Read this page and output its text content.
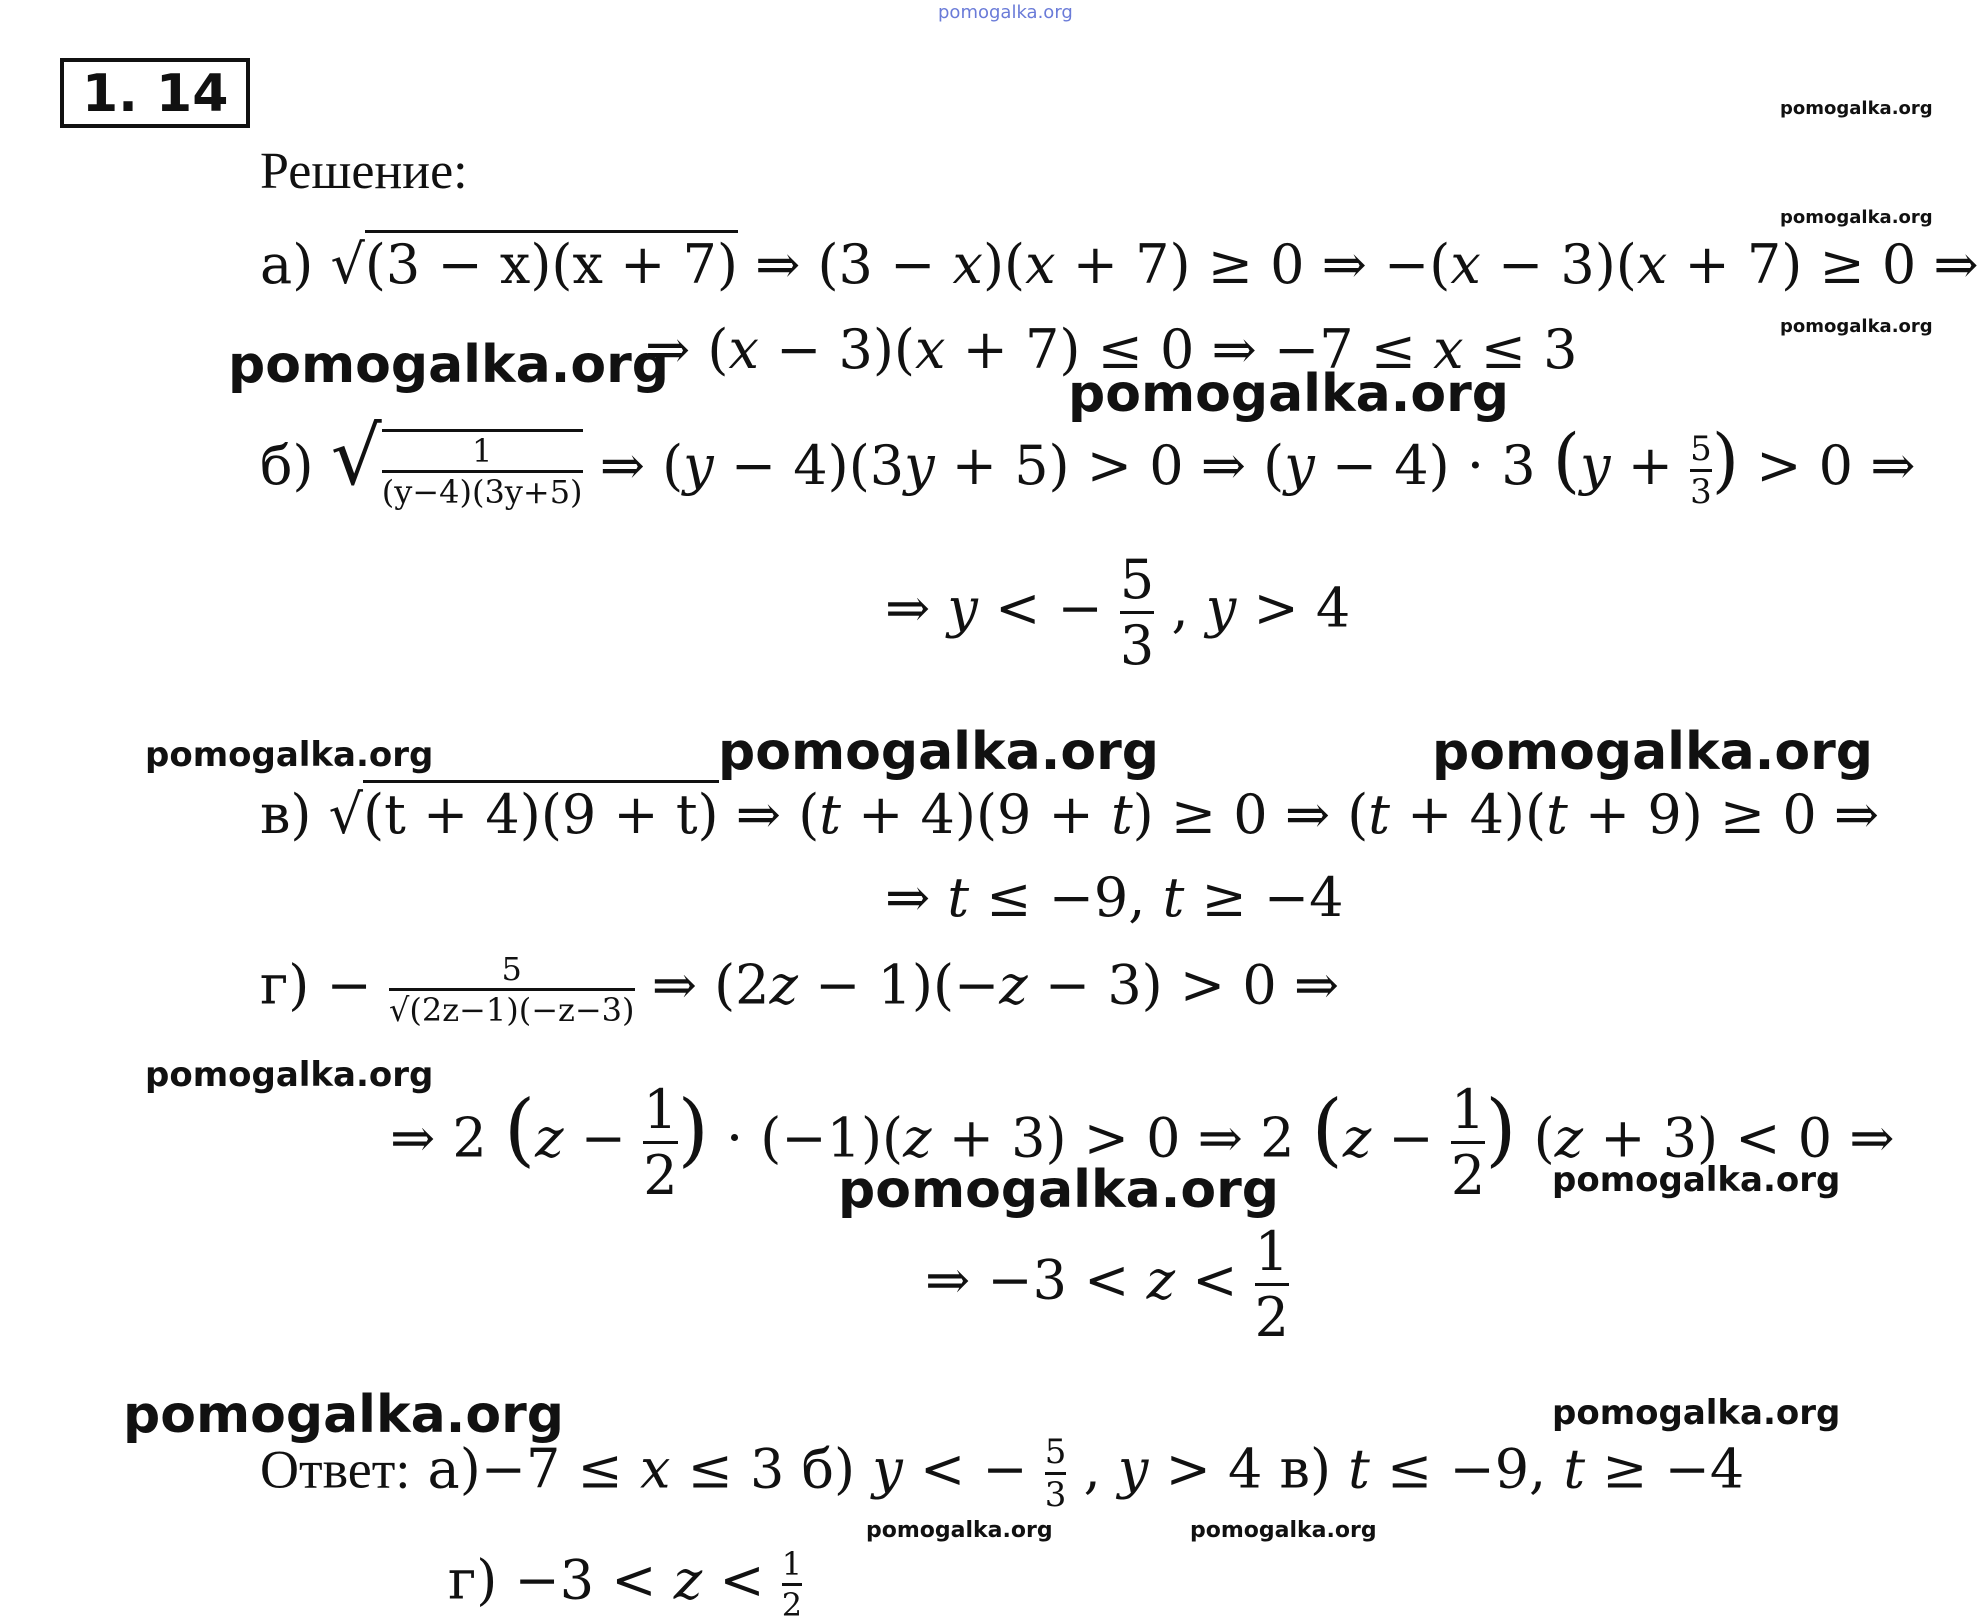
pomogalka.org
1. 14
Решение:
а) √(3 − x)(x + 7) ⇒ (3 − 𝑥)(𝑥 + 7) ≥ 0 ⇒ −(𝑥 − 3)(𝑥 + 7) ≥ 0 ⇒
⇒ (𝑥 − 3)(𝑥 + 7) ≤ 0 ⇒ −7 ≤ 𝑥 ≤ 3
б) √ $\frac{1}{(y-4)(3y+5)}$ ⇒ (𝑦 − 4)(3𝑦 + 5) > 0 ⇒ (𝑦 − 4) · 3 (𝑦 + $\frac{5}{3}$ ) > 0 ⇒
⇒ 𝑦 < − $\frac{5}{3}$ , 𝑦 > 4
в) √(t + 4)(9 + t) ⇒ (𝑡 + 4)(9 + 𝑡) ≥ 0 ⇒ (𝑡 + 4)(𝑡 + 9) ≥ 0 ⇒
⇒ 𝑡 ≤ −9, 𝑡 ≥ −4
$г) - \frac{5}{√(2z-1)(-z-3)}$ ⇒ (2𝑧 − 1)(−𝑧 − 3) > 0 ⇒
⇒ 2 (𝑧 − $\frac{1}{2}$ ) · (−1)(𝑧 + 3) > 0 ⇒ 2 (𝑧 − $\frac{1}{2}$ ) (𝑧 + 3) < 0 ⇒
⇒ −3 < 𝑧 < $\frac{1}{2}$
Ответ: а)−7 ≤ 𝑥 ≤ 3 б) 𝑦 < − $\frac{5}{3}$ , 𝑦 > 4 в) 𝑡 ≤ −9, 𝑡 ≥ −4
г) −3 < 𝑧 < $\frac{1}{2}$
pomogalka.org
pomogalka.org
pomogalka.org
pomogalka.org	pomogalka.org
pomogalka.org	pomogalka.org	pomogalka.org
pomogalka.org
pomogalka.org	pomogalka.org
pomogalka.org	pomogalka.org
pomogalka.org	pomogalka.org
